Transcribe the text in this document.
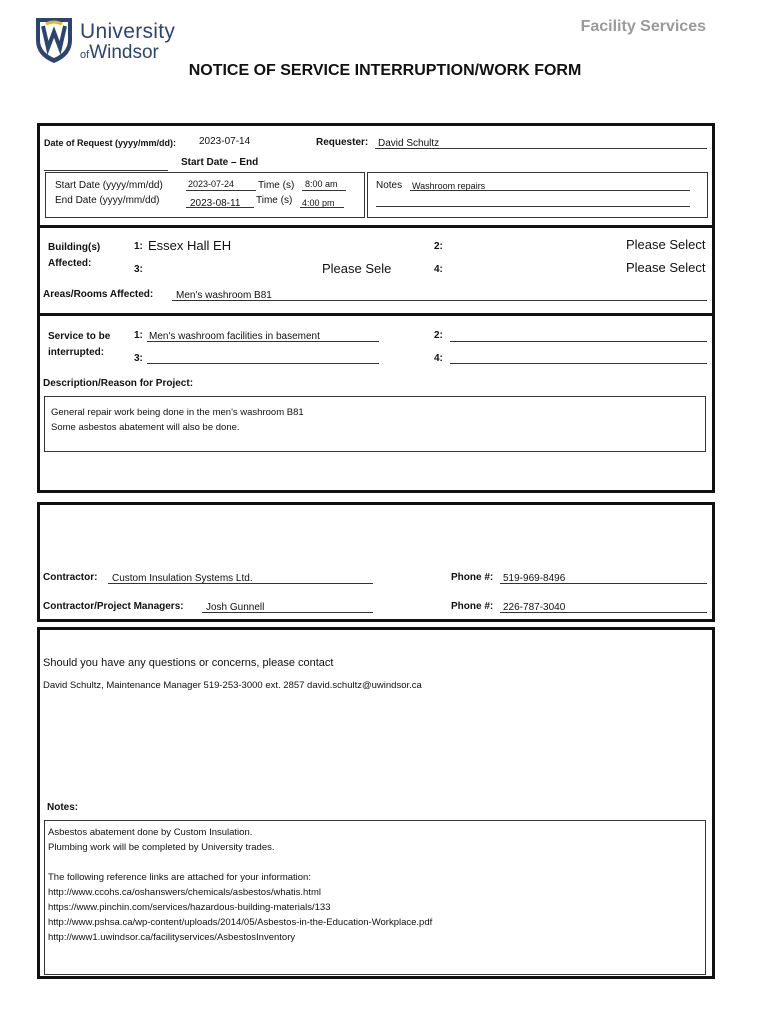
University
ofWindsor
Facility Services
NOTICE OF SERVICE INTERRUPTION/WORK FORM
Date of Request (yyyy/mm/dd): 2023-07-14	Requester: David Schultz
Start Date – End
Start Date (yyyy/mm/dd)	2023-07-24 Time (s) 8:00 am
End Date (yyyy/mm/dd)	2023-08-11 Time (s) 4:00 pm
Notes Washroom repairs
Building(s)
Affected:
1: Essex Hall EH	2:	Please Select
3:	Please Sele	4:	Please Select
Areas/Rooms Affected: Men's washroom B81
Service to be
interrupted:
1: Men's washroom facilities in basement	2:
3:	4:
Description/Reason for Project:
General repair work being done in the men's washroom B81
Some asbestos abatement will also be done.
Contractor: Custom Insulation Systems Ltd.	Phone #: 519-969-8496
Contractor/Project Managers: Josh Gunnell	Phone #: 226-787-3040
Should you have any questions or concerns, please contact
David Schultz, Maintenance Manager 519-253-3000 ext. 2857 david.schultz@uwindsor.ca
Notes:
Asbestos abatement done by Custom Insulation.
Plumbing work will be completed by University trades.
The following reference links are attached for your information:
http://www.ccohs.ca/oshanswers/chemicals/asbestos/whatis.html
https://www.pinchin.com/services/hazardous-building-materials/133
http://www.pshsa.ca/wp-content/uploads/2014/05/Asbestos-in-the-Education-Workplace.pdf
http://www1.uwindsor.ca/facilityservices/AsbestosInventory
